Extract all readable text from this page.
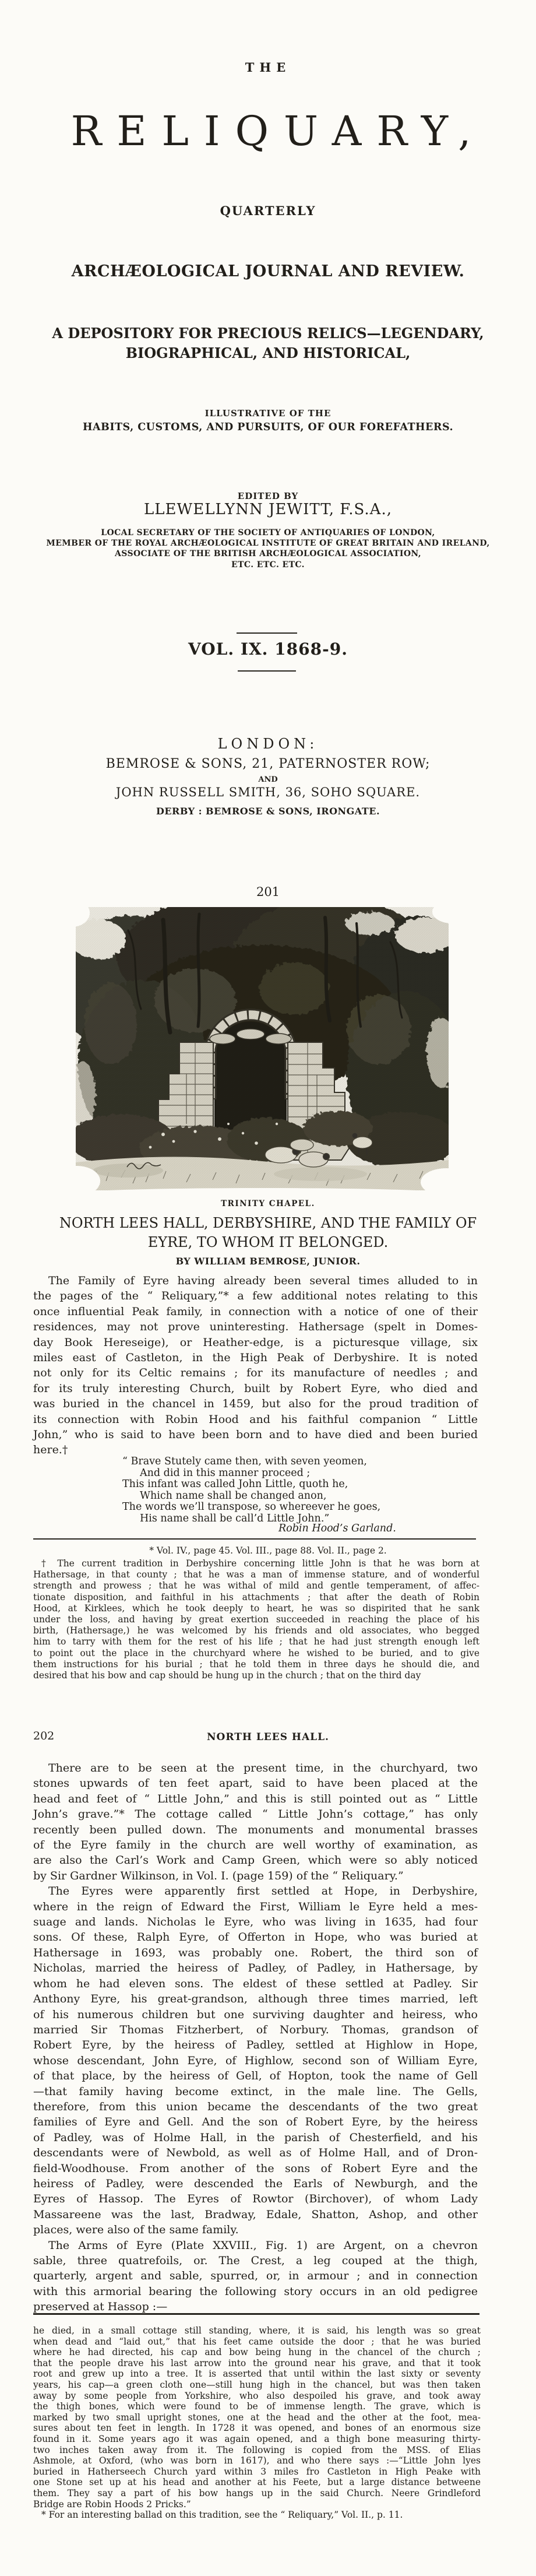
THE
RELIQUARY,
QUARTERLY
ARCHÆOLOGICAL JOURNAL AND REVIEW.
A DEPOSITORY FOR PRECIOUS RELICS—LEGENDARY,
BIOGRAPHICAL, AND HISTORICAL,
ILLUSTRATIVE OF THE
HABITS, CUSTOMS, AND PURSUITS, OF OUR FOREFATHERS.
EDITED BY
LLEWELLYNN JEWITT, F.S.A.,
LOCAL SECRETARY OF THE SOCIETY OF ANTIQUARIES OF LONDON,
MEMBER OF THE ROYAL ARCHÆOLOGICAL INSTITUTE OF GREAT BRITAIN AND IRELAND,
ASSOCIATE OF THE BRITISH ARCHÆOLOGICAL ASSOCIATION,
ETC. ETC. ETC.
VOL. IX. 1868-9.
LONDON:
BEMROSE & SONS, 21, PATERNOSTER ROW;
AND
JOHN RUSSELL SMITH, 36, SOHO SQUARE.
DERBY : BEMROSE & SONS, IRONGATE.
201
TRINITY CHAPEL.
NORTH LEES HALL, DERBYSHIRE, AND THE FAMILY OF
EYRE, TO WHOM IT BELONGED.
BY WILLIAM BEMROSE, JUNIOR.
The Family of Eyre having already been several times alluded to in
the pages of the “ Reliquary,”* a few additional notes relating to this
once influential Peak family, in connection with a notice of one of their
residences, may not prove uninteresting. Hathersage (spelt in Domes-
day Book Hereseige), or Heather-edge, is a picturesque village, six
miles east of Castleton, in the High Peak of Derbyshire. It is noted
not only for its Celtic remains ; for its manufacture of needles ; and
for its truly interesting Church, built by Robert Eyre, who died and
was buried in the chancel in 1459, but also for the proud tradition of
its connection with Robin Hood and his faithful companion “ Little
John,” who is said to have been born and to have died and been buried
here.†
“ Brave Stutely came then, with seven yeomen,
And did in this manner proceed ;
This infant was called John Little, quoth he,
Which name shall be changed anon,
The words we’ll transpose, so whereever he goes,
His name shall be call’d Little John.”
Robin Hood’s Garland.
* Vol. IV., page 45. Vol. III., page 88. Vol. II., page 2.
† The current tradition in Derbyshire concerning little John is that he was born at
Hathersage, in that county ; that he was a man of immense stature, and of wonderful
strength and prowess ; that he was withal of mild and gentle temperament, of affec-
tionate disposition, and faithful in his attachments ; that after the death of Robin
Hood, at Kirklees, which he took deeply to heart, he was so dispirited that he sank
under the loss, and having by great exertion succeeded in reaching the place of his
birth, (Hathersage,) he was welcomed by his friends and old associates, who begged
him to tarry with them for the rest of his life ; that he had just strength enough left
to point out the place in the churchyard where he wished to be buried, and to give
them instructions for his burial ; that he told them in three days he should die, and
desired that his bow and cap should be hung up in the church ; that on the third day
202	NORTH LEES HALL.
There are to be seen at the present time, in the churchyard, two
stones upwards of ten feet apart, said to have been placed at the
head and feet of “ Little John,” and this is still pointed out as “ Little
John’s grave.”* The cottage called “ Little John’s cottage,” has only
recently been pulled down. The monuments and monumental brasses
of the Eyre family in the church are well worthy of examination, as
are also the Carl’s Work and Camp Green, which were so ably noticed
by Sir Gardner Wilkinson, in Vol. I. (page 159) of the “ Reliquary.”
The Eyres were apparently first settled at Hope, in Derbyshire,
where in the reign of Edward the First, William le Eyre held a mes-
suage and lands. Nicholas le Eyre, who was living in 1635, had four
sons. Of these, Ralph Eyre, of Offerton in Hope, who was buried at
Hathersage in 1693, was probably one. Robert, the third son of
Nicholas, married the heiress of Padley, of Padley, in Hathersage, by
whom he had eleven sons. The eldest of these settled at Padley. Sir
Anthony Eyre, his great-grandson, although three times married, left
of his numerous children but one surviving daughter and heiress, who
married Sir Thomas Fitzherbert, of Norbury. Thomas, grandson of
Robert Eyre, by the heiress of Padley, settled at Highlow in Hope,
whose descendant, John Eyre, of Highlow, second son of William Eyre,
of that place, by the heiress of Gell, of Hopton, took the name of Gell
—that family having become extinct, in the male line. The Gells,
therefore, from this union became the descendants of the two great
families of Eyre and Gell. And the son of Robert Eyre, by the heiress
of Padley, was of Holme Hall, in the parish of Chesterfield, and his
descendants were of Newbold, as well as of Holme Hall, and of Dron-
field-Woodhouse. From another of the sons of Robert Eyre and the
heiress of Padley, were descended the Earls of Newburgh, and the
Eyres of Hassop. The Eyres of Rowtor (Birchover), of whom Lady
Massareene was the last, Bradway, Edale, Shatton, Ashop, and other
places, were also of the same family.
The Arms of Eyre (Plate XXVIII., Fig. 1) are Argent, on a chevron
sable, three quatrefoils, or. The Crest, a leg couped at the thigh,
quarterly, argent and sable, spurred, or, in armour ; and in connection
with this armorial bearing the following story occurs in an old pedigree
preserved at Hassop :—
he died, in a small cottage still standing, where, it is said, his length was so great
when dead and “laid out,” that his feet came outside the door ; that he was buried
where he had directed, his cap and bow being hung in the chancel of the church ;
that the people drave his last arrow into the ground near his grave, and that it took
root and grew up into a tree. It is asserted that until within the last sixty or seventy
years, his cap—a green cloth one—still hung high in the chancel, but was then taken
away by some people from Yorkshire, who also despoiled his grave, and took away
the thigh bones, which were found to be of immense length. The grave, which is
marked by two small upright stones, one at the head and the other at the foot, mea-
sures about ten feet in length. In 1728 it was opened, and bones of an enormous size
found in it. Some years ago it was again opened, and a thigh bone measuring thirty-
two inches taken away from it. The following is copied from the MSS. of Elias
Ashmole, at Oxford, (who was born in 1617), and who there says :—“Little John lyes
buried in Hatherseech Church yard within 3 miles fro Castleton in High Peake with
one Stone set up at his head and another at his Feete, but a large distance betweene
them. They say a part of his bow hangs up in the said Church. Neere Grindleford
Bridge are Robin Hoods 2 Pricks.”
* For an interesting ballad on this tradition, see the “ Reliquary,” Vol. II., p. 11.
